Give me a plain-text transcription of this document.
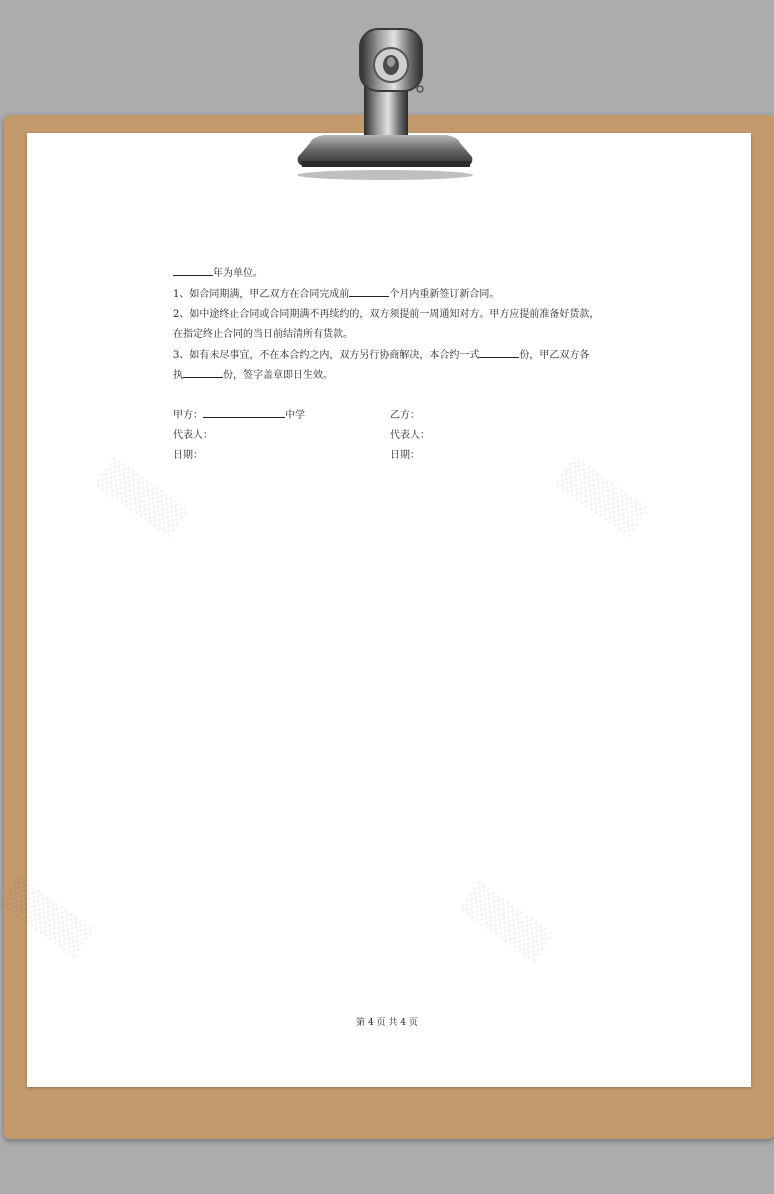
年为单位。
1、如合同期满，甲乙双方在合同完成前	个月内重新签订新合同。
2、如中途终止合同或合同期满不再续约的，双方须提前一周通知对方。甲方应提前准备好货款，
在指定终止合同的当日前结清所有货款。
3、如有未尽事宜，不在本合约之内，双方另行协商解决，本合约一式	份，甲乙双方各
执	份，签字盖章即日生效。
甲方：	中学	乙方：
代表人：	代表人：
日期：	日期：
第 4 页 共 4 页
